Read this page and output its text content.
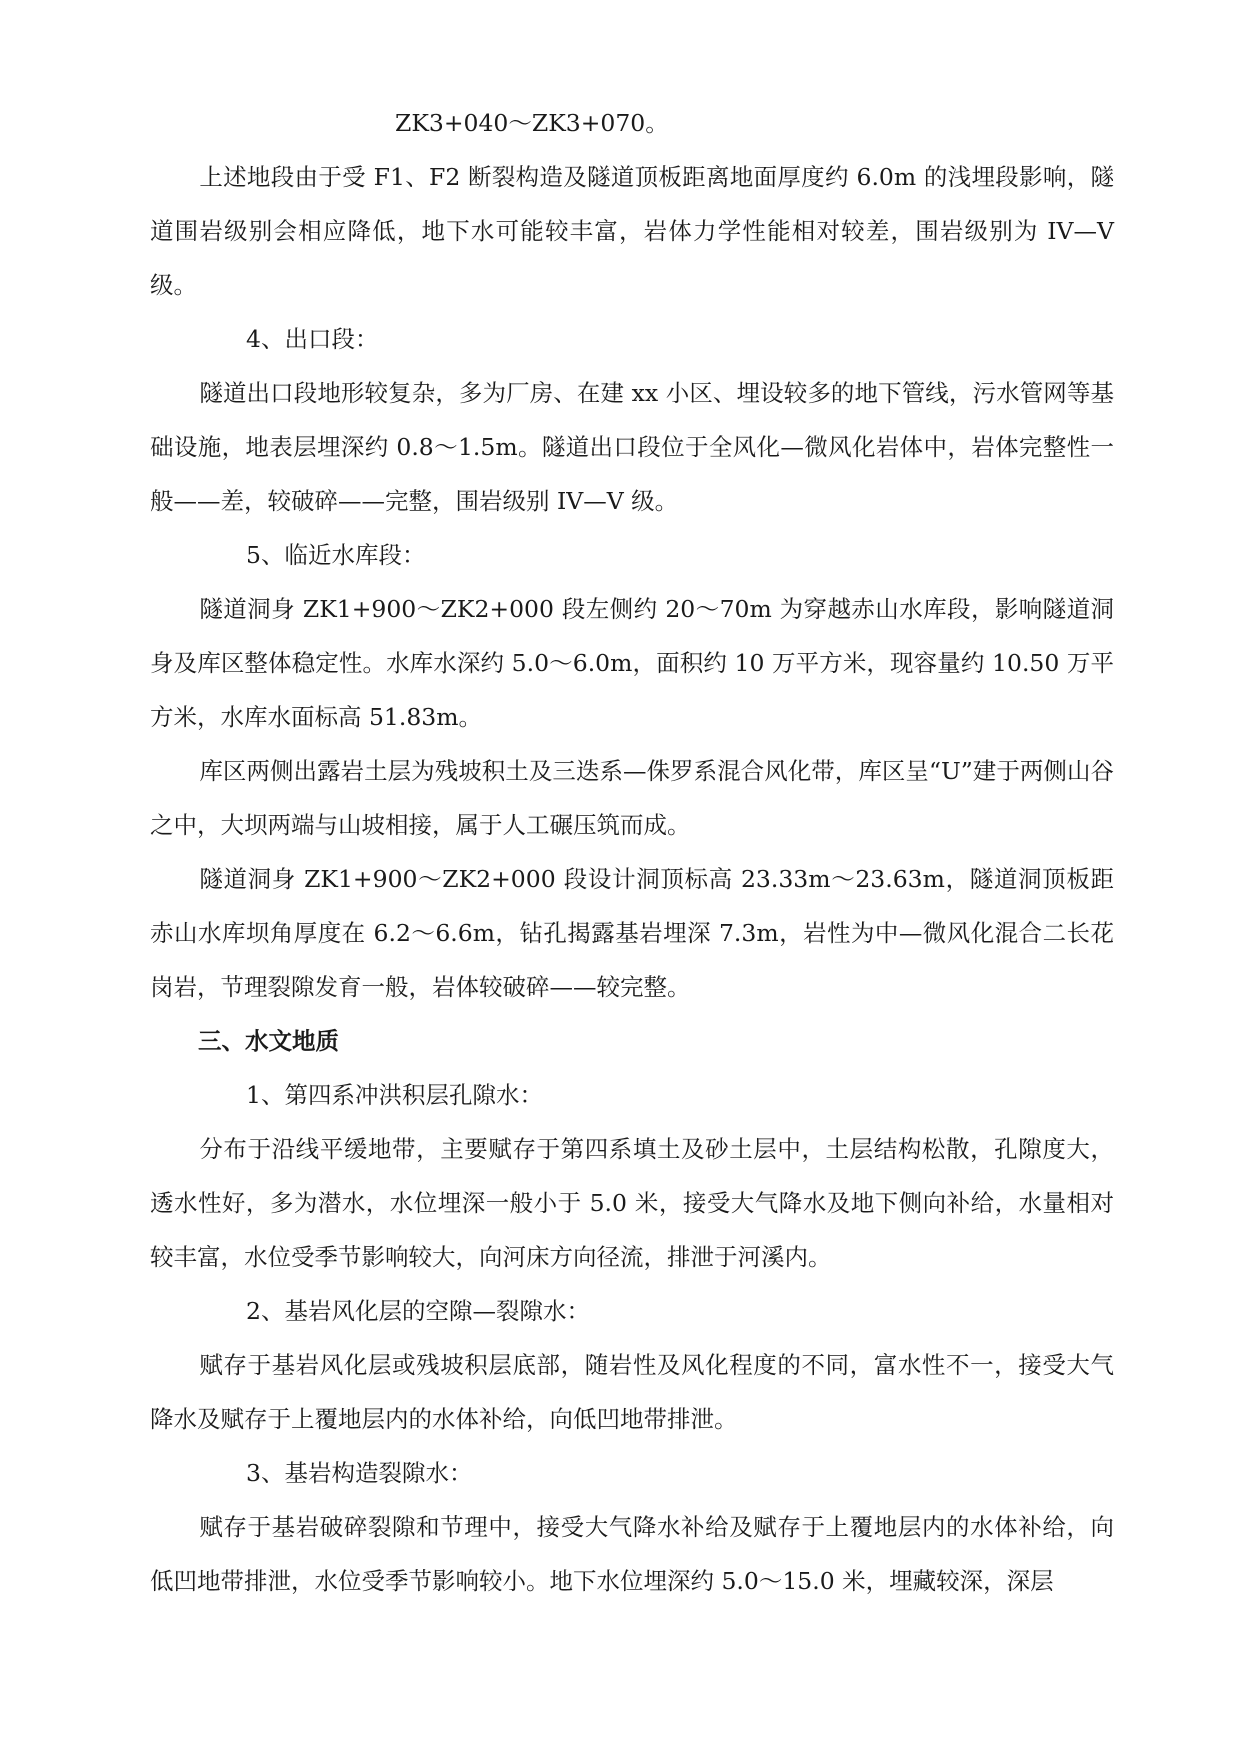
ZK3+040～ZK3+070。

上述地段由于受 F1、F2 断裂构造及隧道顶板距离地面厚度约 6.0m 的浅埋段影响，隧道围岩级别会相应降低，地下水可能较丰富，岩体力学性能相对较差，围岩级别为 IV—V 级。

4、出口段：

隧道出口段地形较复杂，多为厂房、在建 xx 小区、埋设较多的地下管线，污水管网等基础设施，地表层埋深约 0.8～1.5m。隧道出口段位于全风化—微风化岩体中，岩体完整性一般——差，较破碎——完整，围岩级别 IV—V 级。

5、临近水库段：

隧道洞身 ZK1+900～ZK2+000 段左侧约 20～70m 为穿越赤山水库段，影响隧道洞身及库区整体稳定性。水库水深约 5.0～6.0m，面积约 10 万平方米，现容量约 10.50 万平方米，水库水面标高 51.83m。

库区两侧出露岩土层为残坡积土及三迭系—侏罗系混合风化带，库区呈“U”建于两侧山谷之中，大坝两端与山坡相接，属于人工碾压筑而成。

隧道洞身 ZK1+900～ZK2+000 段设计洞顶标高 23.33m～23.63m，隧道洞顶板距赤山水库坝角厚度在 6.2～6.6m，钻孔揭露基岩埋深 7.3m，岩性为中—微风化混合二长花岗岩，节理裂隙发育一般，岩体较破碎——较完整。

三、水文地质

1、第四系冲洪积层孔隙水：

分布于沿线平缓地带，主要赋存于第四系填土及砂土层中，土层结构松散，孔隙度大，透水性好，多为潜水，水位埋深一般小于 5.0 米，接受大气降水及地下侧向补给，水量相对较丰富，水位受季节影响较大，向河床方向径流，排泄于河溪内。

2、基岩风化层的空隙—裂隙水：

赋存于基岩风化层或残坡积层底部，随岩性及风化程度的不同，富水性不一，接受大气降水及赋存于上覆地层内的水体补给，向低凹地带排泄。

3、基岩构造裂隙水：

赋存于基岩破碎裂隙和节理中，接受大气降水补给及赋存于上覆地层内的水体补给，向低凹地带排泄，水位受季节影响较小。地下水位埋深约 5.0～15.0 米，埋藏较深，深层
